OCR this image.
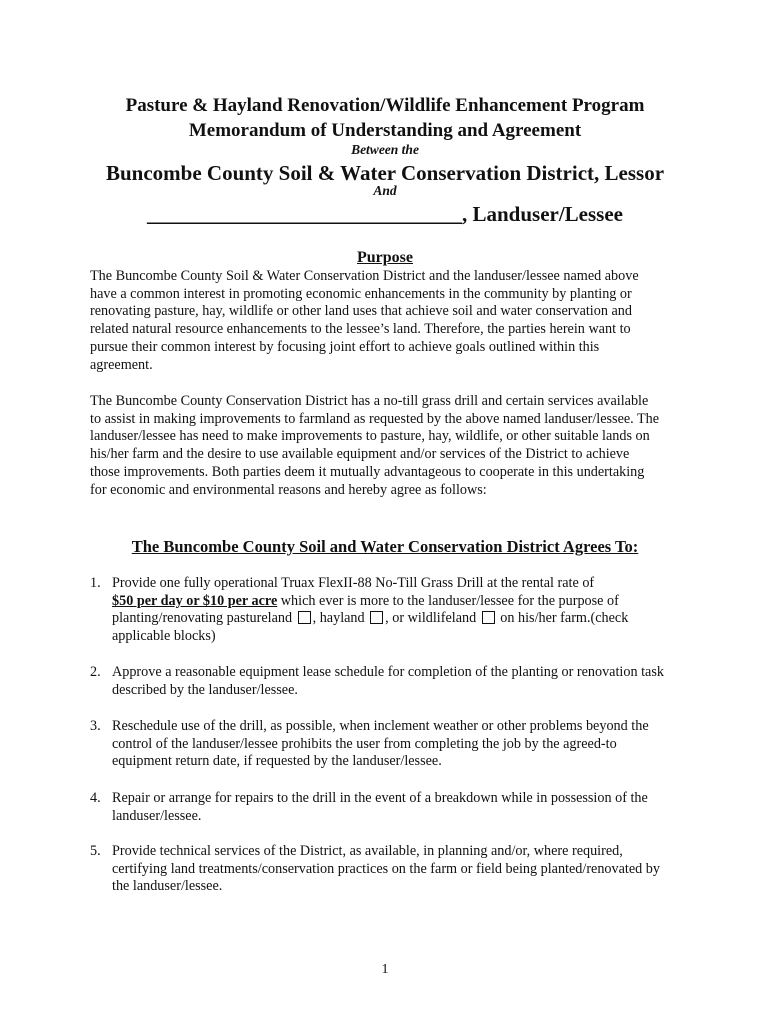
Pasture & Hayland Renovation/Wildlife Enhancement Program
Memorandum of Understanding and Agreement
Between the
Buncombe County Soil & Water Conservation District, Lessor
And
______________________________, Landuser/Lessee
Purpose
The Buncombe County Soil & Water Conservation District and the landuser/lessee named above have a common interest in promoting economic enhancements in the community by planting or renovating pasture, hay, wildlife or other land uses that achieve soil and water conservation and related natural resource enhancements to the lessee’s land. Therefore, the parties herein want to pursue their common interest by focusing joint effort to achieve goals outlined within this agreement.
The Buncombe County Conservation District has a no-till grass drill and certain services available to assist in making improvements to farmland as requested by the above named landuser/lessee. The landuser/lessee has need to make improvements to pasture, hay, wildlife, or other suitable lands on his/her farm and the desire to use available equipment and/or services of the District to achieve those improvements. Both parties deem it mutually advantageous to cooperate in this undertaking for economic and environmental reasons and hereby agree as follows:
The Buncombe County Soil and Water Conservation District Agrees To:
1. Provide one fully operational Truax FlexII-88 No-Till Grass Drill at the rental rate of
$50 per day or $10 per acre which ever is more to the landuser/lessee for the purpose of planting/renovating pastureland , hayland , or wildlifeland  on his/her farm.(check applicable blocks)
2. Approve a reasonable equipment lease schedule for completion of the planting or renovation task described by the landuser/lessee.
3. Reschedule use of the drill, as possible, when inclement weather or other problems beyond the control of the landuser/lessee prohibits the user from completing the job by the agreed-to equipment return date, if requested by the landuser/lessee.
4. Repair or arrange for repairs to the drill in the event of a breakdown while in possession of the landuser/lessee.
5. Provide technical services of the District, as available, in planning and/or, where required, certifying land treatments/conservation practices on the farm or field being planted/renovated by the landuser/lessee.
1
